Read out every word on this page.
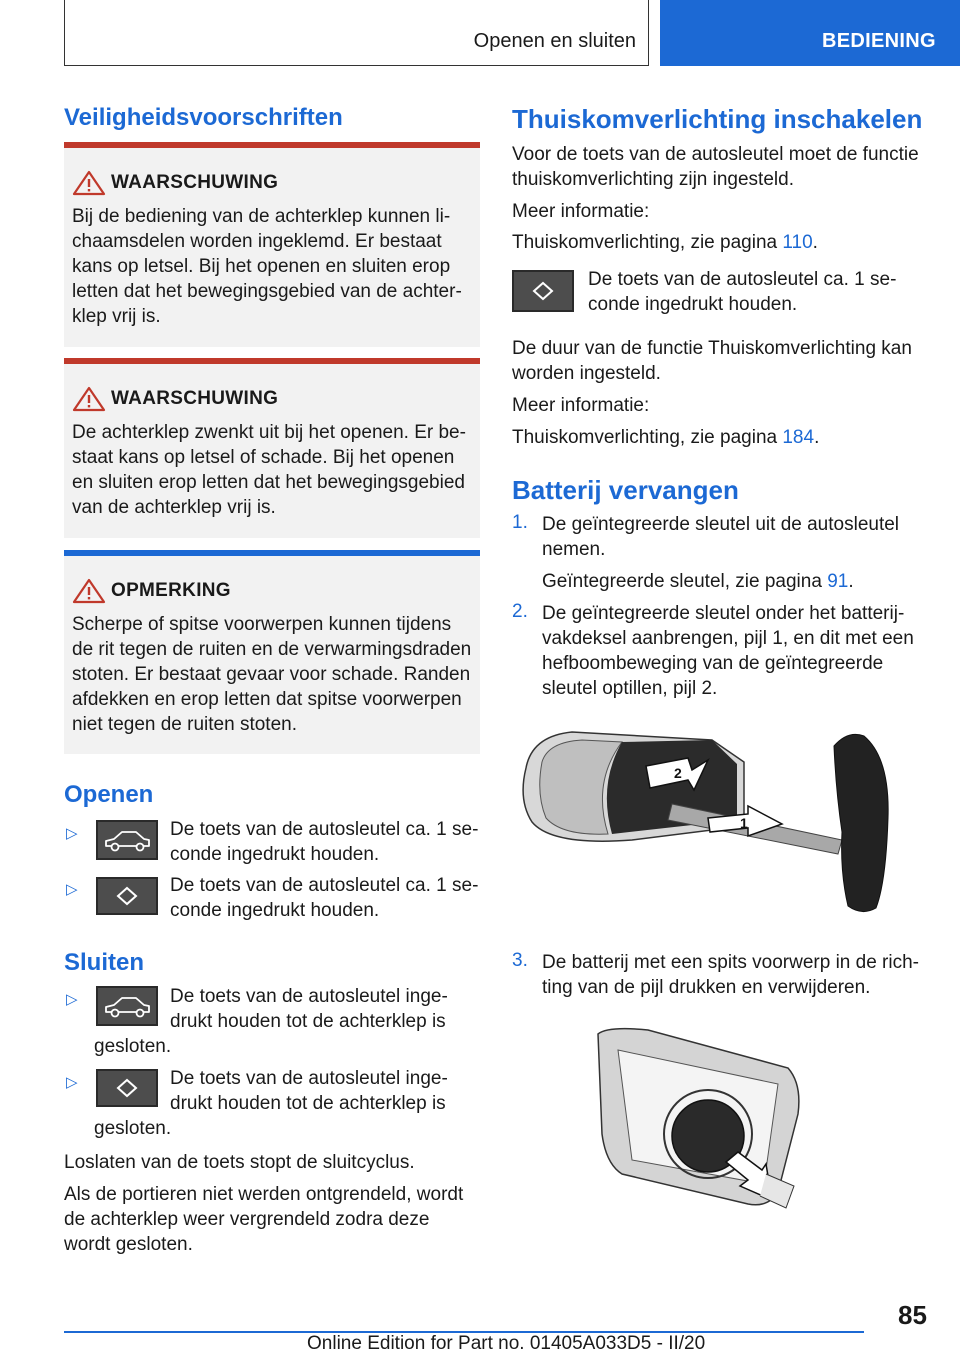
Openen en sluiten	BEDIENING
Veiligheidsvoorschriften
WAARSCHUWING
Bij de bediening van de achterklep kunnen li-
chaamsdelen worden ingeklemd. Er bestaat
kans op letsel. Bij het openen en sluiten erop
letten dat het bewegingsgebied van de achter-
klep vrij is.
WAARSCHUWING
De achterklep zwenkt uit bij het openen. Er be-
staat kans op letsel of schade. Bij het openen
en sluiten erop letten dat het bewegingsgebied
van de achterklep vrij is.
OPMERKING
Scherpe of spitse voorwerpen kunnen tijdens
de rit tegen de ruiten en de verwarmingsdraden
stoten. Er bestaat gevaar voor schade. Randen
afdekken en erop letten dat spitse voorwerpen
niet tegen de ruiten stoten.
Openen
▷	De toets van de autosleutel ca. 1 se-
conde ingedrukt houden.
▷	De toets van de autosleutel ca. 1 se-
conde ingedrukt houden.
Sluiten
▷	De toets van de autosleutel inge-
drukt houden tot de achterklep is
gesloten.
▷	De toets van de autosleutel inge-
drukt houden tot de achterklep is
gesloten.
Loslaten van de toets stopt de sluitcyclus.
Als de portieren niet werden ontgrendeld, wordt
de achterklep weer vergrendeld zodra deze
wordt gesloten.
Thuiskomverlichting inschakelen
Voor de toets van de autosleutel moet de functie
thuiskomverlichting zijn ingesteld.
Meer informatie:
Thuiskomverlichting, zie pagina 110.
De toets van de autosleutel ca. 1 se-
conde ingedrukt houden.
De duur van de functie Thuiskomverlichting kan
worden ingesteld.
Meer informatie:
Thuiskomverlichting, zie pagina 184.
Batterij vervangen
1. De geïntegreerde sleutel uit de autosleutel
nemen.
Geïntegreerde sleutel, zie pagina 91.
2. De geïntegreerde sleutel onder het batterij-
vakdeksel aanbrengen, pijl 1, en dit met een
hefboombeweging van de geïntegreerde
sleutel optillen, pijl 2.
2
1
3. De batterij met een spits voorwerp in de rich-
ting van de pijl drukken en verwijderen.
85
Online Edition for Part no. 01405A033D5 - II/20
